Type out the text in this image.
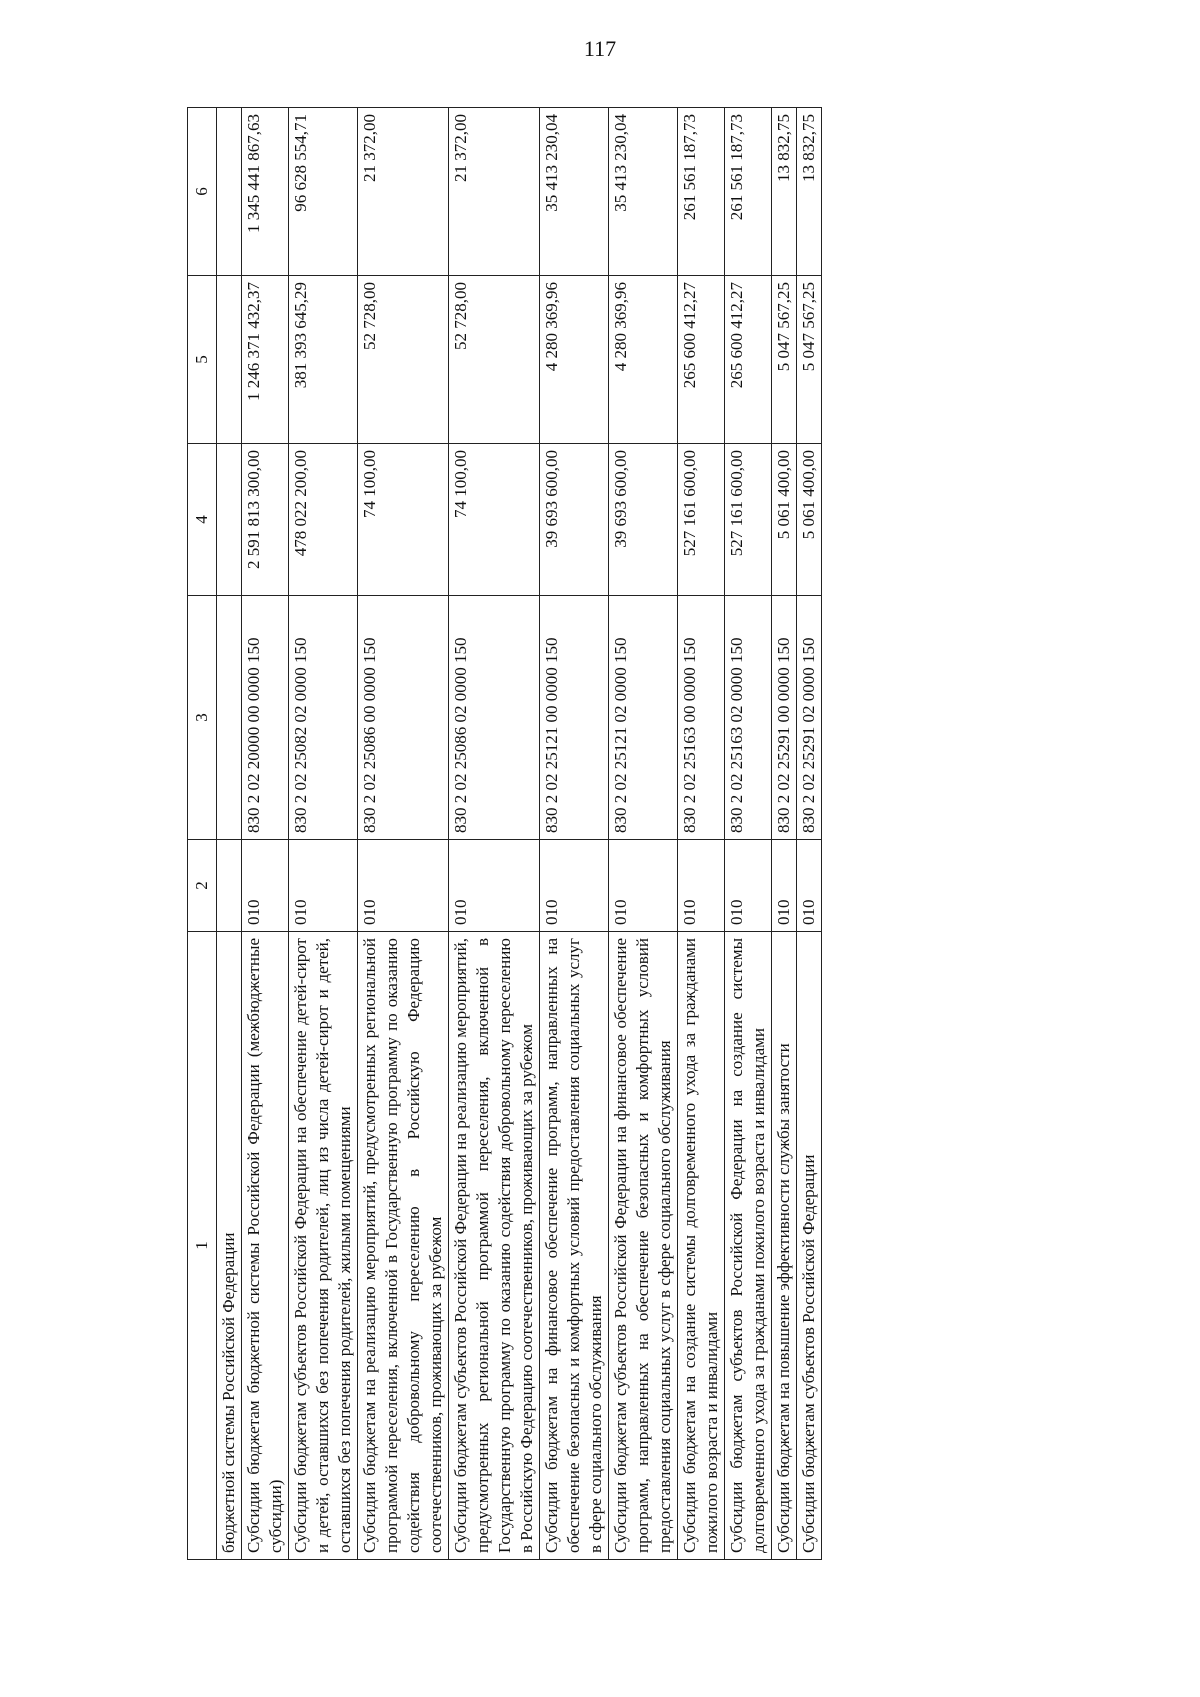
117
1	2	3	4	5	6
бюджетной системы Российской Федерации					
Субсидии бюджетам бюджетной системы Российской Федерации (межбюджетные субсидии)	010	830 2 02 20000 00 0000 150	2 591 813 300,00	1 246 371 432,37	1 345 441 867,63
Субсидии бюджетам субъектов Российской Федерации на обеспечение детей-сирот и детей, оставшихся без попечения родителей, лиц из числа детей-сирот и детей, оставшихся без попечения родителей, жилыми помещениями	010	830 2 02 25082 02 0000 150	478 022 200,00	381 393 645,29	96 628 554,71
Субсидии бюджетам на реализацию мероприятий, предусмотренных региональной программой переселения, включенной в Государственную программу по оказанию содействия добровольному переселению в Российскую Федерацию соотечественников, проживающих за рубежом	010	830 2 02 25086 00 0000 150	74 100,00	52 728,00	21 372,00
Субсидии бюджетам субъектов Российской Федерации на реализацию мероприятий, предусмотренных региональной программой переселения, включенной в Государственную программу по оказанию содействия добровольному переселению в Российскую Федерацию соотечественников, проживающих за рубежом	010	830 2 02 25086 02 0000 150	74 100,00	52 728,00	21 372,00
Субсидии бюджетам на финансовое обеспечение программ, направленных на обеспечение безопасных и комфортных условий предоставления социальных услуг в сфере социального обслуживания	010	830 2 02 25121 00 0000 150	39 693 600,00	4 280 369,96	35 413 230,04
Субсидии бюджетам субъектов Российской Федерации на финансовое обеспечение программ, направленных на обеспечение безопасных и комфортных условий предоставления социальных услуг в сфере социального обслуживания	010	830 2 02 25121 02 0000 150	39 693 600,00	4 280 369,96	35 413 230,04
Субсидии бюджетам на создание системы долговременного ухода за гражданами пожилого возраста и инвалидами	010	830 2 02 25163 00 0000 150	527 161 600,00	265 600 412,27	261 561 187,73
Субсидии бюджетам субъектов Российской Федерации на создание системы долговременного ухода за гражданами пожилого возраста и инвалидами	010	830 2 02 25163 02 0000 150	527 161 600,00	265 600 412,27	261 561 187,73
Субсидии бюджетам на повышение эффективности службы занятости	010	830 2 02 25291 00 0000 150	5 061 400,00	5 047 567,25	13 832,75
Субсидии бюджетам субъектов Российской Федерации	010	830 2 02 25291 02 0000 150	5 061 400,00	5 047 567,25	13 832,75
